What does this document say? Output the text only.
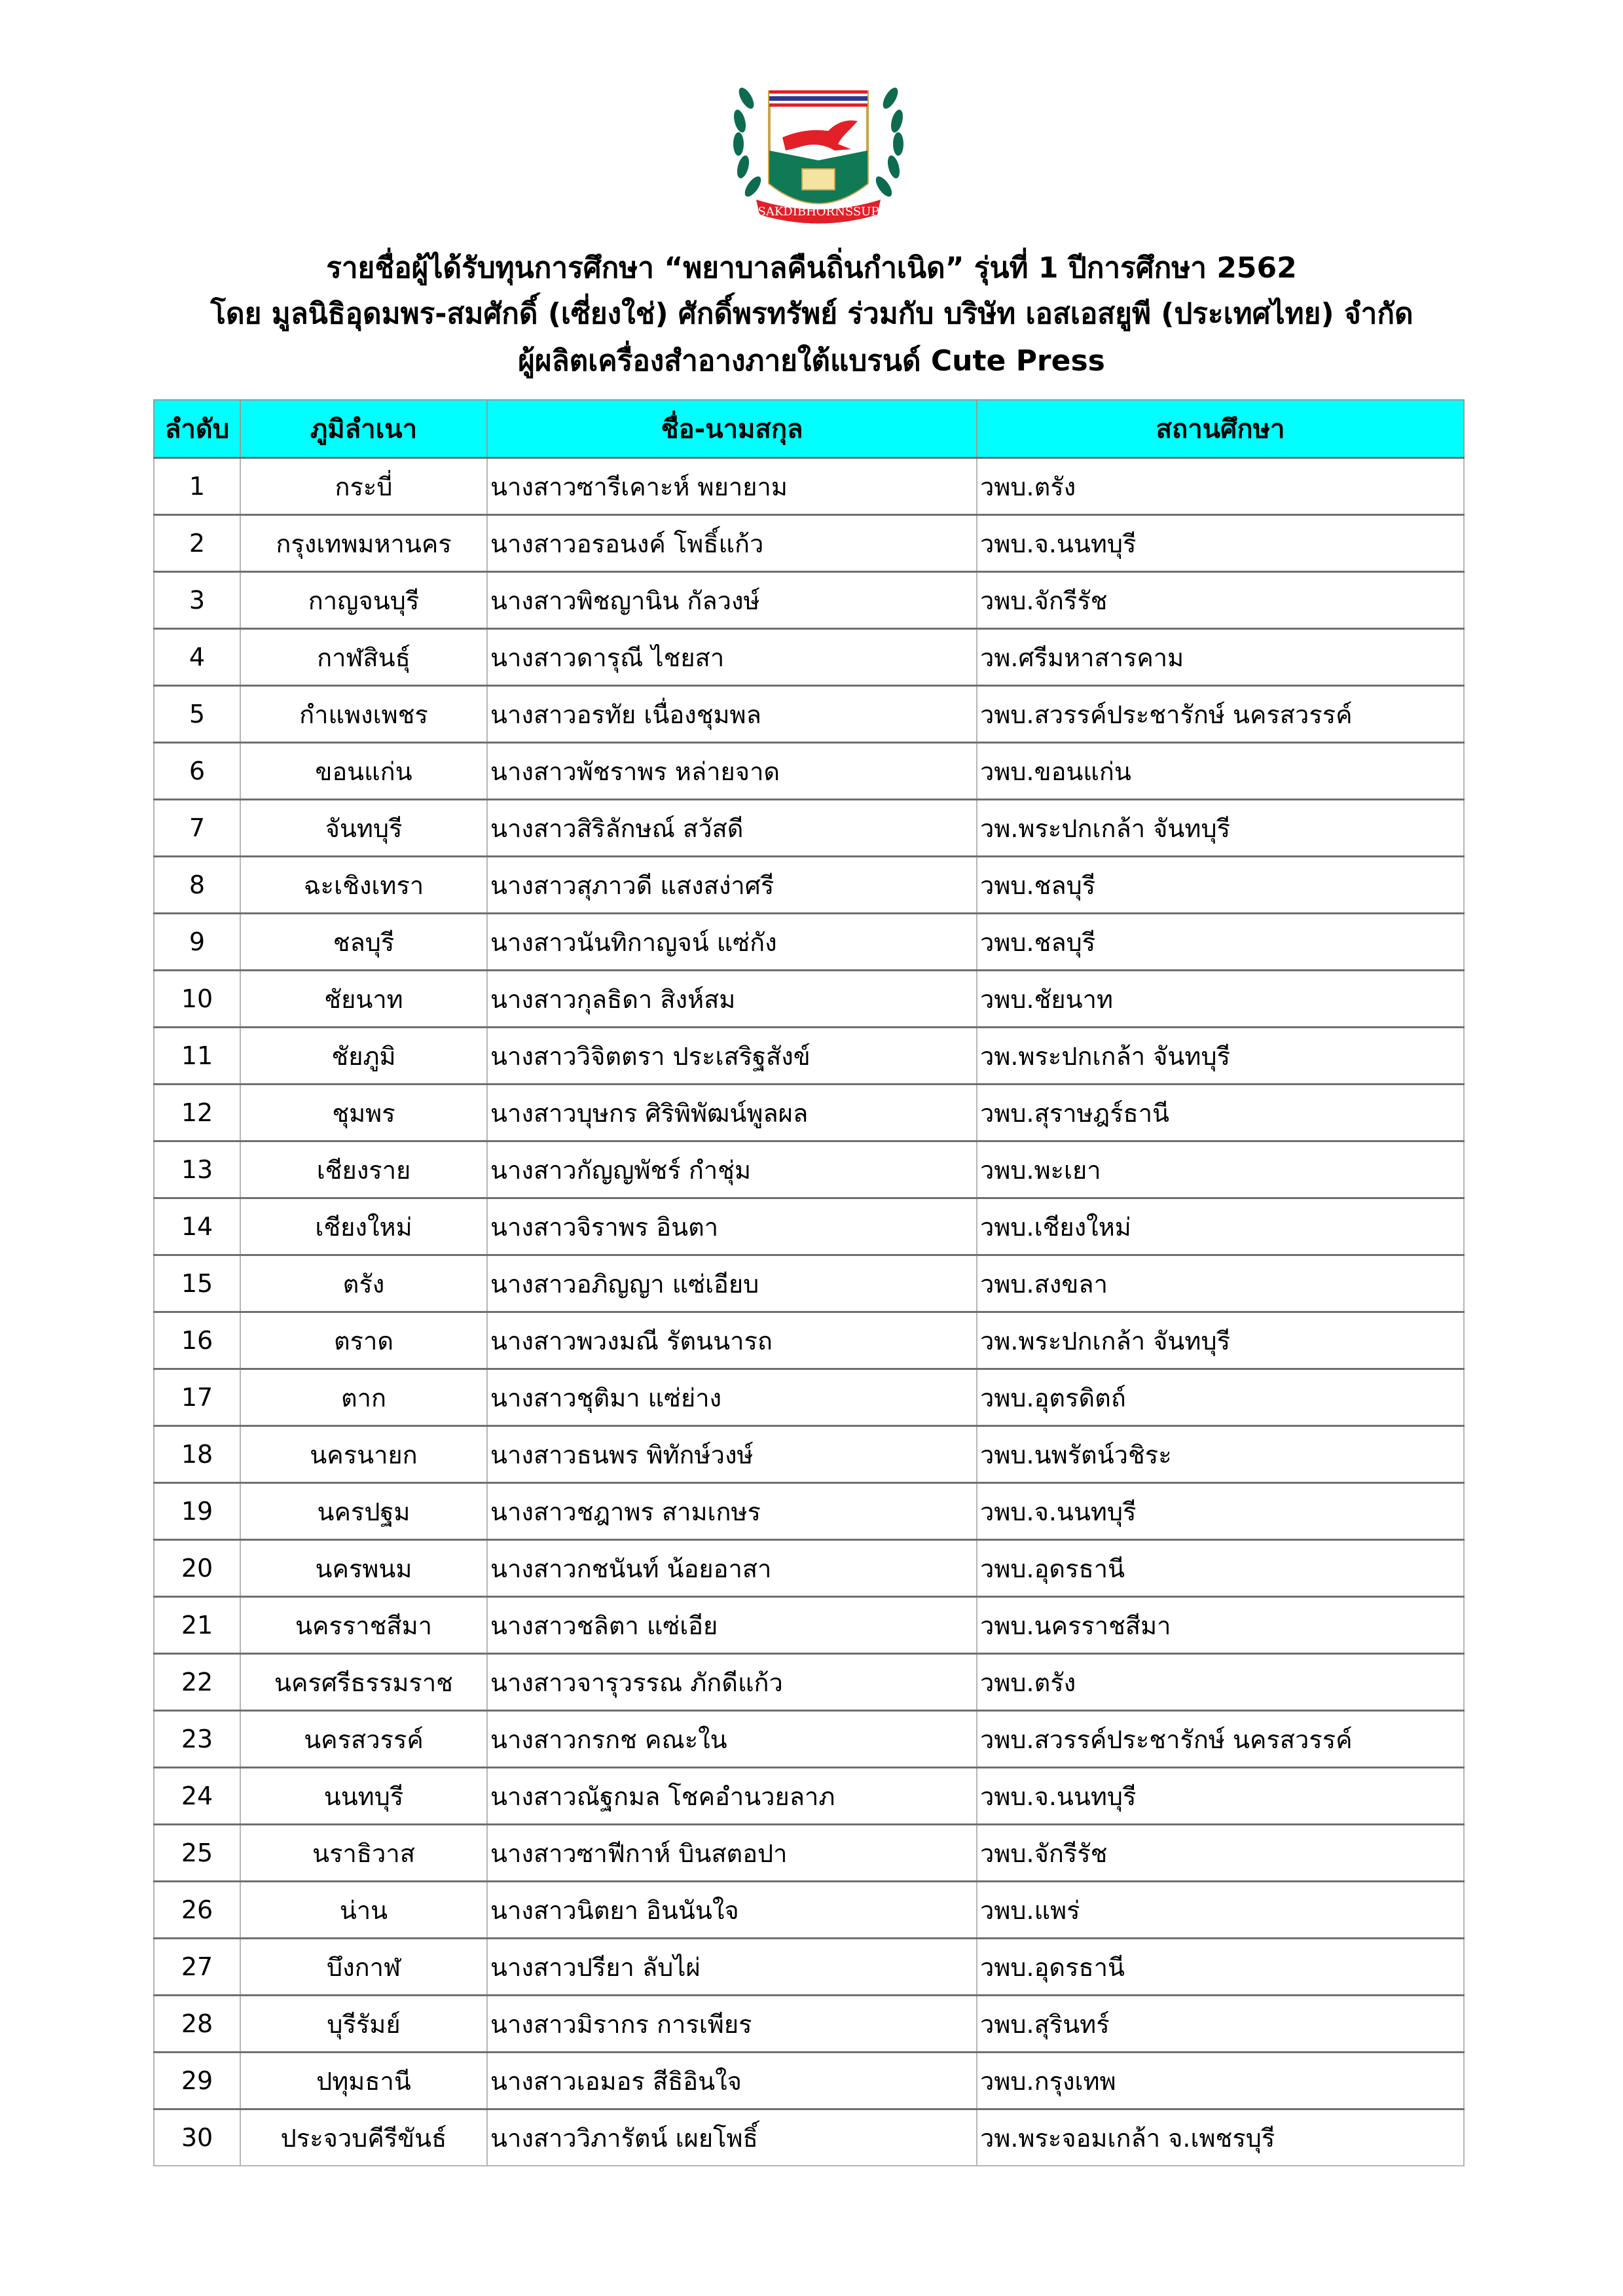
SAKDIBHORNSSUP
รายชื่อผู้ได้รับทุนการศึกษา “พยาบาลคืนถิ่นกำเนิด” รุ่นที่ 1 ปีการศึกษา 2562
โดย มูลนิธิอุดมพร-สมศักดิ์ (เซี่ยงใช่) ศักดิ์พรทรัพย์ ร่วมกับ บริษัท เอสเอสยูพี (ประเทศไทย) จำกัด
ผู้ผลิตเครื่องสำอางภายใต้แบรนด์ Cute Press
ลำดับ	ภูมิลำเนา	ชื่อ-นามสกุล	สถานศึกษา
1	กระบี่	นางสาวซารีเคาะห์ พยายาม	วพบ.ตรัง
2	กรุงเทพมหานคร	นางสาวอรอนงค์ โพธิ์แก้ว	วพบ.จ.นนทบุรี
3	กาญจนบุรี	นางสาวพิชญานิน กัลวงษ์	วพบ.จักรีรัช
4	กาฬสินธุ์	นางสาวดารุณี ไชยสา	วพ.ศรีมหาสารคาม
5	กำแพงเพชร	นางสาวอรทัย เนื่องชุมพล	วพบ.สวรรค์ประชารักษ์ นครสวรรค์
6	ขอนแก่น	นางสาวพัชราพร หล่ายจาด	วพบ.ขอนแก่น
7	จันทบุรี	นางสาวสิริลักษณ์ สวัสดี	วพ.พระปกเกล้า จันทบุรี
8	ฉะเชิงเทรา	นางสาวสุภาวดี แสงสง่าศรี	วพบ.ชลบุรี
9	ชลบุรี	นางสาวนันทิกาญจน์ แซ่กัง	วพบ.ชลบุรี
10	ชัยนาท	นางสาวกุลธิดา สิงห์สม	วพบ.ชัยนาท
11	ชัยภูมิ	นางสาววิจิตตรา ประเสริฐสังข์	วพ.พระปกเกล้า จันทบุรี
12	ชุมพร	นางสาวบุษกร ศิริพิพัฒน์พูลผล	วพบ.สุราษฎร์ธานี
13	เชียงราย	นางสาวกัญญพัชร์ กำชุ่ม	วพบ.พะเยา
14	เชียงใหม่	นางสาวจิราพร อินตา	วพบ.เชียงใหม่
15	ตรัง	นางสาวอภิญญา แซ่เอียบ	วพบ.สงขลา
16	ตราด	นางสาวพวงมณี รัตนนารถ	วพ.พระปกเกล้า จันทบุรี
17	ตาก	นางสาวชุติมา แซ่ย่าง	วพบ.อุตรดิตถ์
18	นครนายก	นางสาวธนพร พิทักษ์วงษ์	วพบ.นพรัตน์วชิระ
19	นครปฐม	นางสาวชฎาพร สามเกษร	วพบ.จ.นนทบุรี
20	นครพนม	นางสาวกชนันท์ น้อยอาสา	วพบ.อุดรธานี
21	นครราชสีมา	นางสาวชลิตา แซ่เอีย	วพบ.นครราชสีมา
22	นครศรีธรรมราช	นางสาวจารุวรรณ ภักดีแก้ว	วพบ.ตรัง
23	นครสวรรค์	นางสาวกรกช คณะใน	วพบ.สวรรค์ประชารักษ์ นครสวรรค์
24	นนทบุรี	นางสาวณัฐกมล โชคอำนวยลาภ	วพบ.จ.นนทบุรี
25	นราธิวาส	นางสาวซาฟีกาห์ บินสตอปา	วพบ.จักรีรัช
26	น่าน	นางสาวนิตยา อินนันใจ	วพบ.แพร่
27	บึงกาฬ	นางสาวปรียา ลับไผ่	วพบ.อุดรธานี
28	บุรีรัมย์	นางสาวมิรากร การเพียร	วพบ.สุรินทร์
29	ปทุมธานี	นางสาวเอมอร สีธิอินใจ	วพบ.กรุงเทพ
30	ประจวบคีรีขันธ์	นางสาววิภารัตน์ เผยโพธิ์	วพ.พระจอมเกล้า จ.เพชรบุรี
